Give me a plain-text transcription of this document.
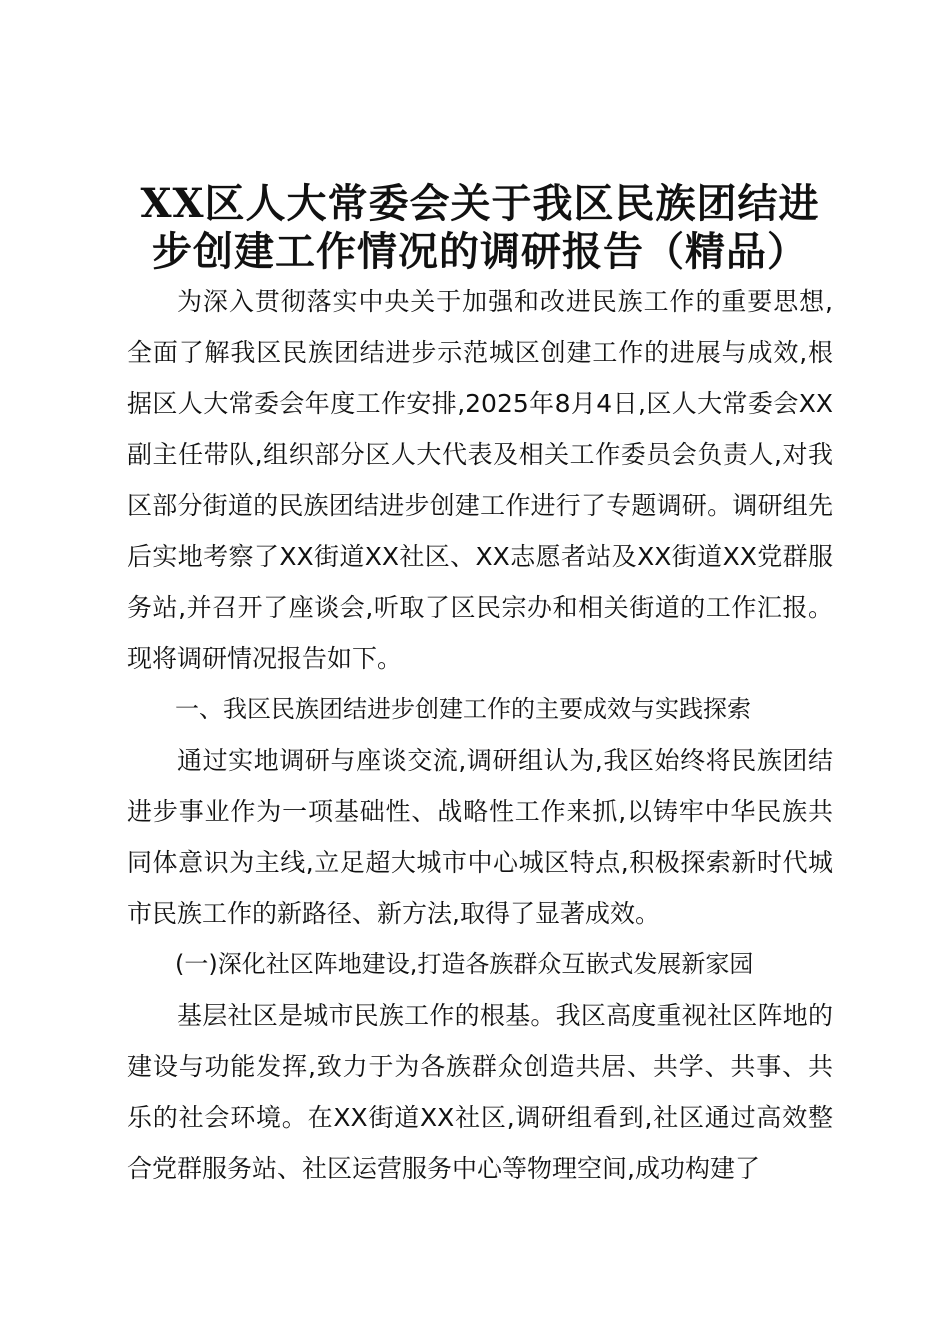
XX区人大常委会关于我区民族团结进步创建工作情况的调研报告（精品）

为深入贯彻落实中央关于加强和改进民族工作的重要思想,全面了解我区民族团结进步示范城区创建工作的进展与成效,根据区人大常委会年度工作安排,2025年8月4日,区人大常委会XX副主任带队,组织部分区人大代表及相关工作委员会负责人,对我区部分街道的民族团结进步创建工作进行了专题调研。调研组先后实地考察了XX街道XX社区、XX志愿者站及XX街道XX党群服务站,并召开了座谈会,听取了区民宗办和相关街道的工作汇报。现将调研情况报告如下。

一、我区民族团结进步创建工作的主要成效与实践探索

通过实地调研与座谈交流,调研组认为,我区始终将民族团结进步事业作为一项基础性、战略性工作来抓,以铸牢中华民族共同体意识为主线,立足超大城市中心城区特点,积极探索新时代城市民族工作的新路径、新方法,取得了显著成效。

(一)深化社区阵地建设,打造各族群众互嵌式发展新家园

基层社区是城市民族工作的根基。我区高度重视社区阵地的建设与功能发挥,致力于为各族群众创造共居、共学、共事、共乐的社会环境。在XX街道XX社区,调研组看到,社区通过高效整合党群服务站、社区运营服务中心等物理空间,成功构建了
